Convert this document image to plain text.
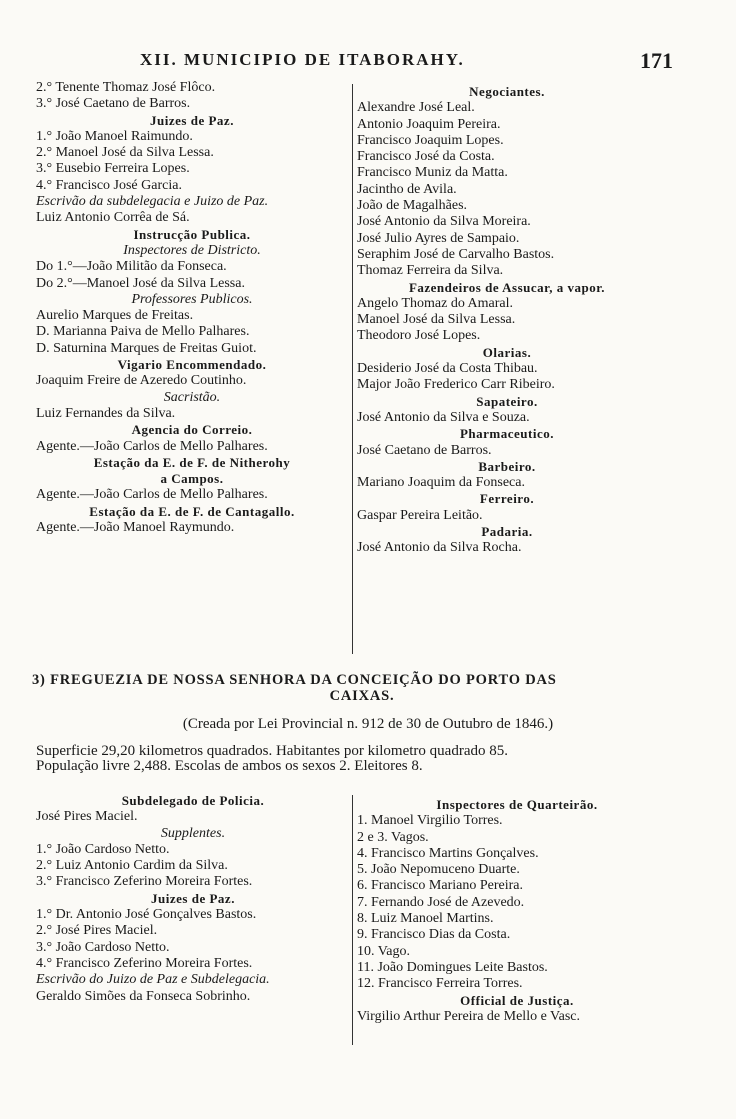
XII. MUNICIPIO DE ITABORAHY.	171
2.° Tenente Thomaz José Flôco.
3.° José Caetano de Barros.
Juizes de Paz.
1.° João Manoel Raimundo.
2.° Manoel José da Silva Lessa.
3.° Eusebio Ferreira Lopes.
4.° Francisco José Garcia.
Escrivão da subdelegacia e Juizo de Paz.
Luiz Antonio Corrêa de Sá.
Instrucção Publica.
Inspectores de Districto.
Do 1.°—João Militão da Fonseca.
Do 2.°—Manoel José da Silva Lessa.
Professores Publicos.
Aurelio Marques de Freitas.
D. Marianna Paiva de Mello Palhares.
D. Saturnina Marques de Freitas Guiot.
Vigario Encommendado.
Joaquim Freire de Azeredo Coutinho.
Sacristão.
Luiz Fernandes da Silva.
Agencia do Correio.
Agente.—João Carlos de Mello Palhares.
Estação da E. de F. de Nitherohy
a Campos.
Agente.—João Carlos de Mello Palhares.
Estação da E. de F. de Cantagallo.
Agente.—João Manoel Raymundo.
Negociantes.
Alexandre José Leal.
Antonio Joaquim Pereira.
Francisco Joaquim Lopes.
Francisco José da Costa.
Francisco Muniz da Matta.
Jacintho de Avila.
João de Magalhães.
José Antonio da Silva Moreira.
José Julio Ayres de Sampaio.
Seraphim José de Carvalho Bastos.
Thomaz Ferreira da Silva.
Fazendeiros de Assucar, a vapor.
Angelo Thomaz do Amaral.
Manoel José da Silva Lessa.
Theodoro José Lopes.
Olarias.
Desiderio José da Costa Thibau.
Major João Frederico Carr Ribeiro.
Sapateiro.
José Antonio da Silva e Souza.
Pharmaceutico.
José Caetano de Barros.
Barbeiro.
Mariano Joaquim da Fonseca.
Ferreiro.
Gaspar Pereira Leitão.
Padaria.
José Antonio da Silva Rocha.
3) FREGUEZIA DE NOSSA SENHORA DA CONCEIÇÃO DO PORTO DAS
CAIXAS.
(Creada por Lei Provincial n. 912 de 30 de Outubro de 1846.)
Superficie 29,20 kilometros quadrados. Habitantes por kilometro quadrado 85.
População livre 2,488. Escolas de ambos os sexos 2. Eleitores 8.
Subdelegado de Policia.
José Pires Maciel.
Supplentes.
1.° João Cardoso Netto.
2.° Luiz Antonio Cardim da Silva.
3.° Francisco Zeferino Moreira Fortes.
Juizes de Paz.
1.° Dr. Antonio José Gonçalves Bastos.
2.° José Pires Maciel.
3.° João Cardoso Netto.
4.° Francisco Zeferino Moreira Fortes.
Escrivão do Juizo de Paz e Subdelegacia.
Geraldo Simões da Fonseca Sobrinho.
Inspectores de Quarteirão.
1. Manoel Virgilio Torres.
2 e 3. Vagos.
4. Francisco Martins Gonçalves.
5. João Nepomuceno Duarte.
6. Francisco Mariano Pereira.
7. Fernando José de Azevedo.
8. Luiz Manoel Martins.
9. Francisco Dias da Costa.
10. Vago.
11. João Domingues Leite Bastos.
12. Francisco Ferreira Torres.
Official de Justiça.
Virgilio Arthur Pereira de Mello e Vasc.
